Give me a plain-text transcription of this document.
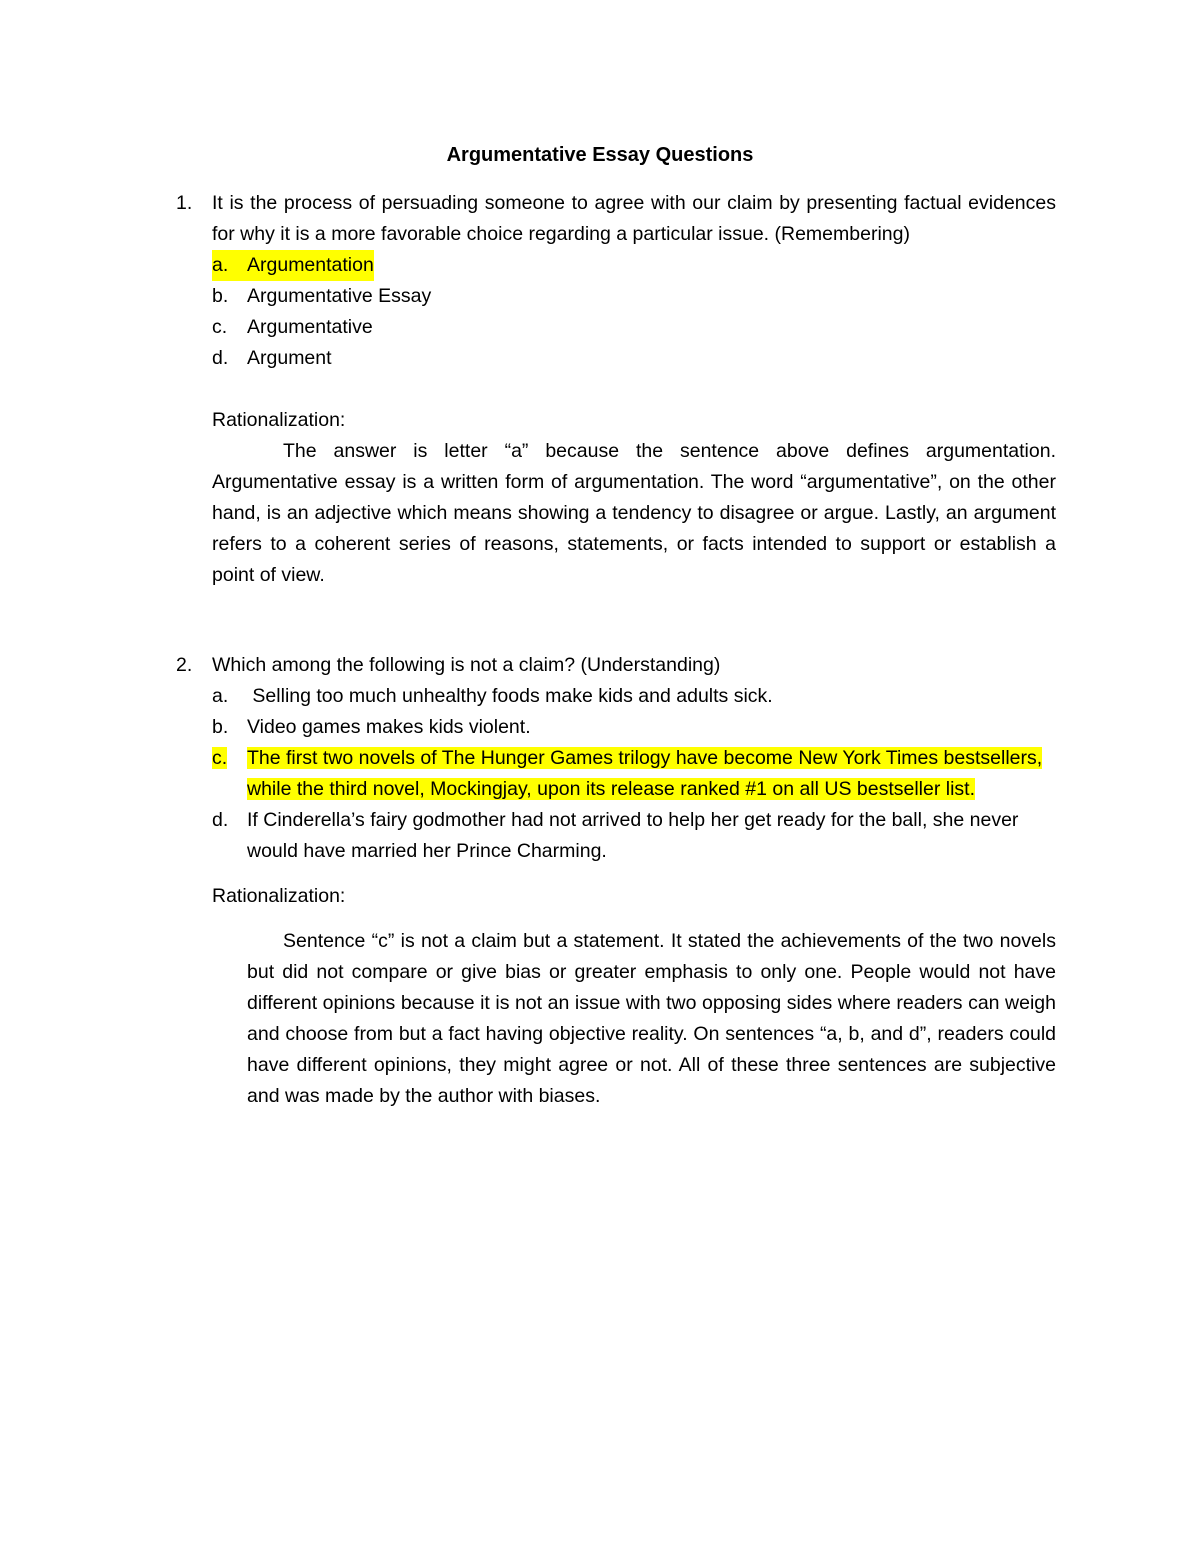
Argumentative Essay Questions
1.	It is the process of persuading someone to agree with our claim by presenting factual evidences for why it is a more favorable choice regarding a particular issue. (Remembering)
a. Argumentation
b. Argumentative Essay
c.	Argumentative
d. Argument
Rationalization:
The answer is letter “a” because the sentence above defines argumentation. Argumentative essay is a written form of argumentation. The word “argumentative”, on the other hand, is an adjective which means showing a tendency to disagree or argue. Lastly, an argument refers to a coherent series of reasons, statements, or facts intended to support or establish a point of view.
2.	Which among the following is not a claim? (Understanding)
a. Selling too much unhealthy foods make kids and adults sick.
b. Video games makes kids violent.
c.	The first two novels of The Hunger Games trilogy have become New York Times bestsellers, while the third novel, Mockingjay, upon its release ranked #1 on all US bestseller list.
d. If Cinderella’s fairy godmother had not arrived to help her get ready for the ball, she never would have married her Prince Charming.
Rationalization:
Sentence “c” is not a claim but a statement. It stated the achievements of the two novels but did not compare or give bias or greater emphasis to only one. People would not have different opinions because it is not an issue with two opposing sides where readers can weigh and choose from but a fact having objective reality. On sentences “a, b, and d”, readers could have different opinions, they might agree or not. All of these three sentences are subjective and was made by the author with biases.
